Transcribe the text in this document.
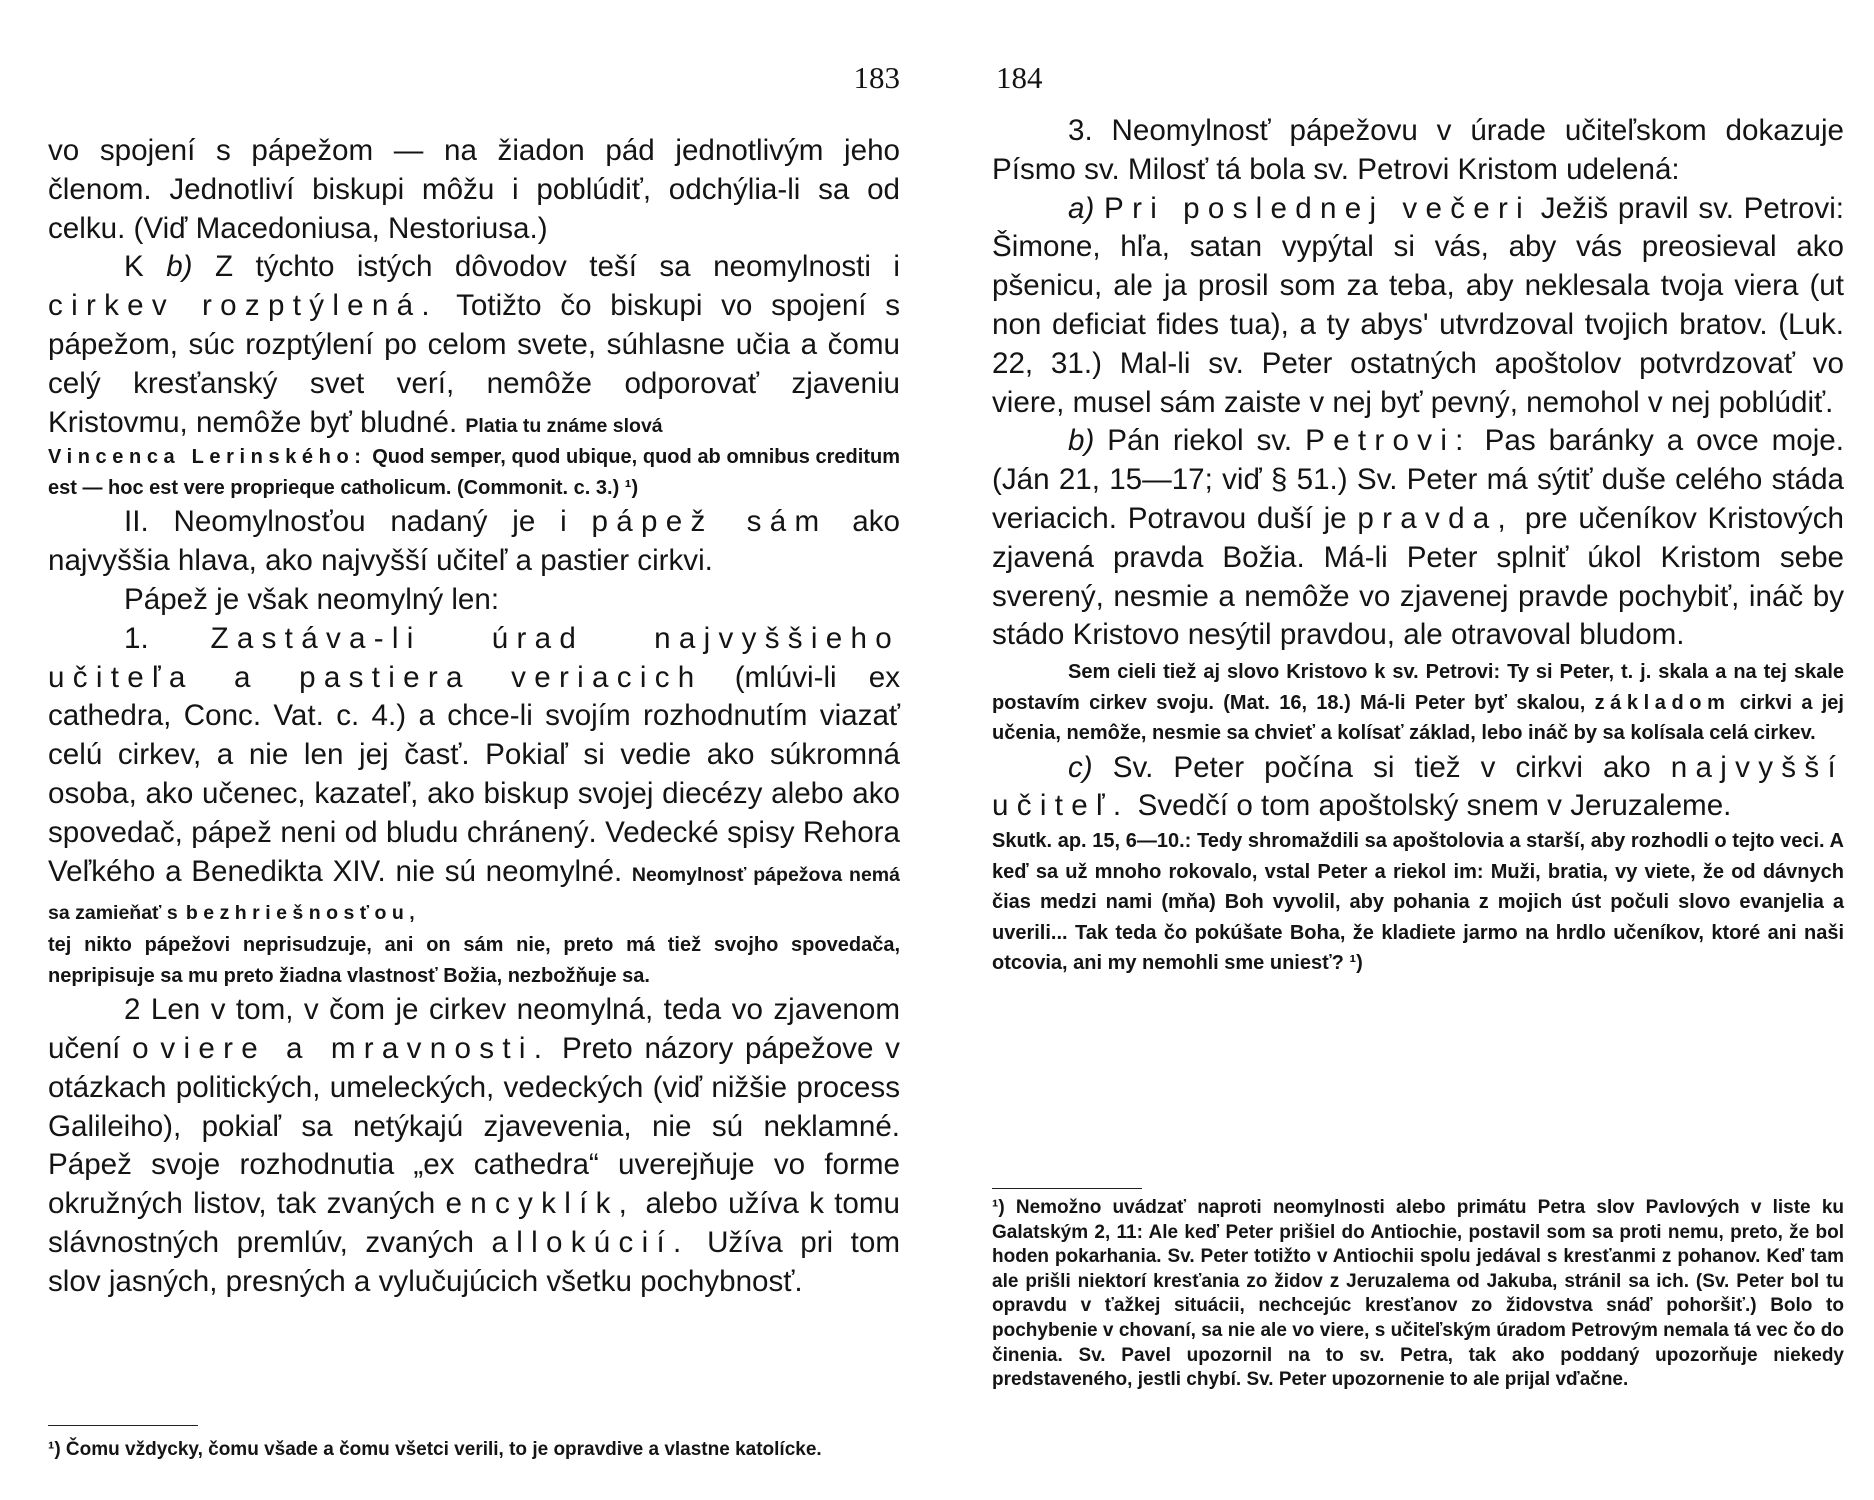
183

vo spojení s pápežom — na žiadon pád jednotlivým jeho členom. Jednotliví biskupi môžu i poblúdiť, odchýlia-li sa od celku. (Viď Macedoniusa, Nestoriusa.)

K b) Z týchto istých dôvodov teší sa neomylnosti i cirkev rozptýlená. Totižto čo biskupi vo spojení s pápežom, súc rozptýlení po celom svete, súhlasne učia a čomu celý kresťanský svet verí, nemôže odporovať zjaveniu Kristovmu, nemôže byť bludné. Platia tu známe slová

Vincenca Lerinského: Quod semper, quod ubique, quod ab omnibus creditum est — hoc est vere proprieque catholicum. (Commonit. c. 3.) ¹)

II. Neomylnosťou nadaný je i pápež sám ako najvyššia hlava, ako najvyšší učiteľ a pastier cirkvi.

Pápež je však neomylný len:

1. Zastáva-li úrad najvyššieho učiteľa a pastiera veriacich (mlúvi-li ex cathedra, Conc. Vat. c. 4.) a chce-li svojím rozhodnutím viazať celú cirkev, a nie len jej časť. Pokiaľ si vedie ako súkromná osoba, ako učenec, kazateľ, ako biskup svojej diecézy alebo ako spovedač, pápež neni od bludu chránený. Vedecké spisy Rehora Veľkého a Benedikta XIV. nie sú neomylné. Neomylnosť pápežova nemá sa zamieňať s bezhriešnosťou,

tej nikto pápežovi neprisudzuje, ani on sám nie, preto má tiež svojho spovedača, nepripisuje sa mu preto žiadna vlastnosť Božia, nezbožňuje sa.

2 Len v tom, v čom je cirkev neomylná, teda vo zjavenom učení o viere a mravnosti. Preto názory pápežove v otázkach politických, umeleckých, vedeckých (viď nižšie process Galileiho), pokiaľ sa netýkajú zjavevenia, nie sú neklamné. Pápež svoje rozhodnutia „ex cathedra“ uverejňuje vo forme okružných listov, tak zvaných encyklík, alebo užíva k tomu slávnostných premlúv, zvaných allokúcií. Užíva pri tom slov jasných, presných a vylučujúcich všetku pochybnosť.

¹) Čomu vždycky, čomu všade a čomu všetci verili, to je opravdive a vlastne katolícke.

184

3. Neomylnosť pápežovu v úrade učiteľskom dokazuje Písmo sv. Milosť tá bola sv. Petrovi Kristom udelená:

a) Pri poslednej večeri Ježiš pravil sv. Petrovi: Šimone, hľa, satan vypýtal si vás, aby vás preosieval ako pšenicu, ale ja prosil som za teba, aby neklesala tvoja viera (ut non deficiat fides tua), a ty abys' utvrdzoval tvojich bratov. (Luk. 22, 31.) Mal-li sv. Peter ostatných apoštolov potvrdzovať vo viere, musel sám zaiste v nej byť pevný, nemohol v nej poblúdiť.

b) Pán riekol sv. Petrovi: Pas baránky a ovce moje. (Ján 21, 15—17; viď § 51.) Sv. Peter má sýtiť duše celého stáda veriacich. Potravou duší je pravda, pre učeníkov Kristových zjavená pravda Božia. Má-li Peter splniť úkol Kristom sebe sverený, nesmie a nemôže vo zjavenej pravde pochybiť, ináč by stádo Kristovo nesýtil pravdou, ale otravoval bludom.

Sem cieli tiež aj slovo Kristovo k sv. Petrovi: Ty si Peter, t. j. skala a na tej skale postavím cirkev svoju. (Mat. 16, 18.) Má-li Peter byť skalou, základom cirkvi a jej učenia, nemôže, nesmie sa chvieť a kolísať základ, lebo ináč by sa kolísala celá cirkev.

c) Sv. Peter počína si tiež v cirkvi ako najvyšší učiteľ. Svedčí o tom apoštolský snem v Jeruzaleme.

Skutk. ap. 15, 6—10.: Tedy shromaždili sa apoštolovia a starší, aby rozhodli o tejto veci. A keď sa už mnoho rokovalo, vstal Peter a riekol im: Muži, bratia, vy viete, že od dávnych čias medzi nami (mňa) Boh vyvolil, aby pohania z mojich úst počuli slovo evanjelia a uverili... Tak teda čo pokúšate Boha, že kladiete jarmo na hrdlo učeníkov, ktoré ani naši otcovia, ani my nemohli sme uniesť? ¹)

¹) Nemožno uvádzať naproti neomylnosti alebo primátu Petra slov Pavlových v liste ku Galatským 2, 11: Ale keď Peter prišiel do Antiochie, postavil som sa proti nemu, preto, že bol hoden pokarhania. Sv. Peter totižto v Antiochii spolu jedával s kresťanmi z pohanov. Keď tam ale prišli niektorí kresťania zo židov z Jeruzalema od Jakuba, stránil sa ich. (Sv. Peter bol tu opravdu v ťažkej situácii, nechcejúc kresťanov zo židovstva snáď pohoršiť.) Bolo to pochybenie v chovaní, sa nie ale vo viere, s učiteľským úradom Petrovým nemala tá vec čo do činenia. Sv. Pavel upozornil na to sv. Petra, tak ako poddaný upozorňuje niekedy predstaveného, jestli chybí. Sv. Peter upozornenie to ale prijal vďačne.
